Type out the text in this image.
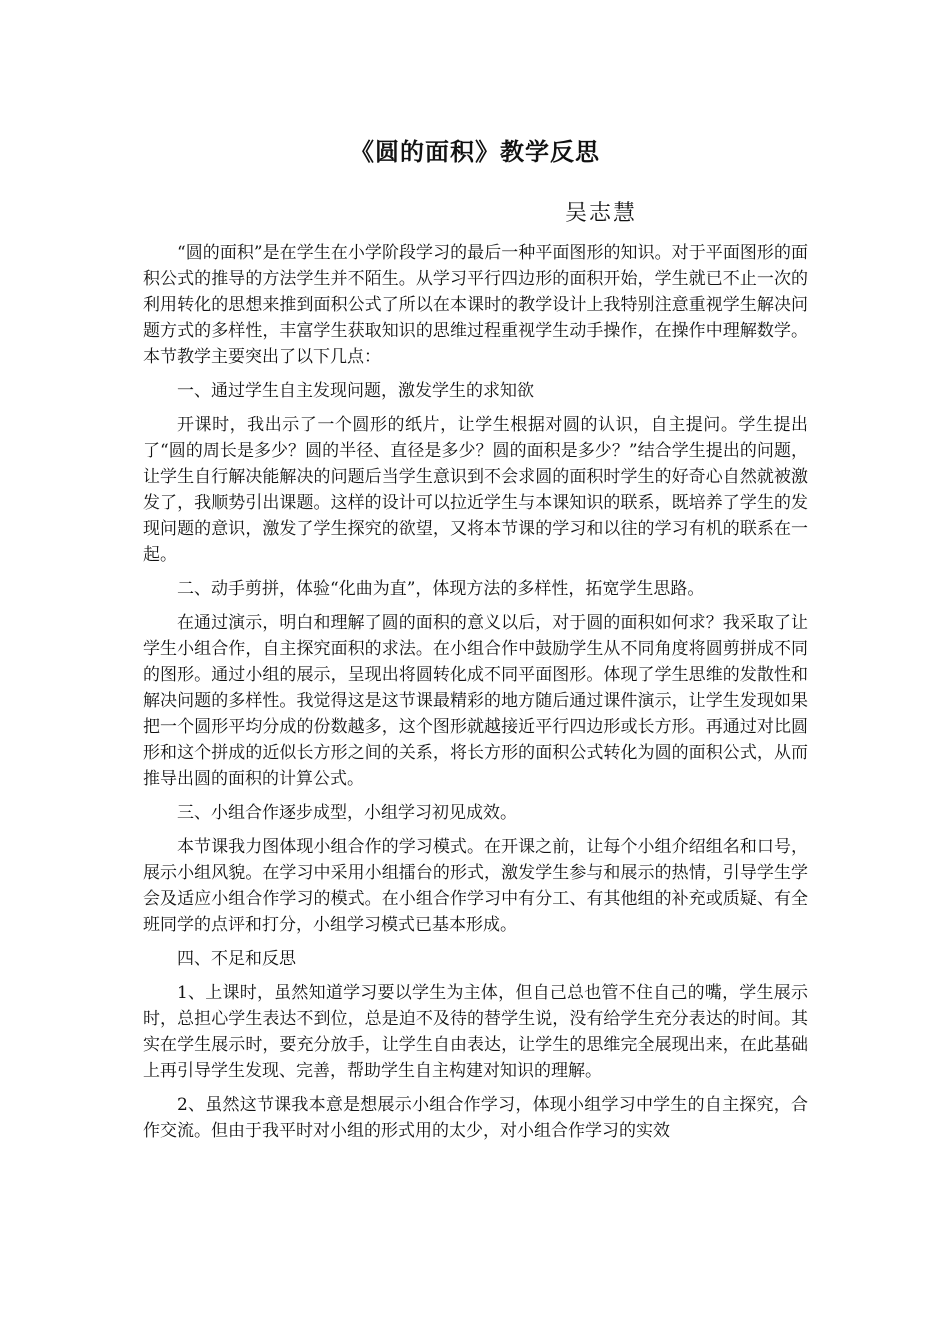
《圆的面积》教学反思
吴志慧

“圆的面积”是在学生在小学阶段学习的最后一种平面图形的知识。对于平面图形的面积公式的推导的方法学生并不陌生。从学习平行四边形的面积开始，学生就已不止一次的利用转化的思想来推到面积公式了所以在本课时的教学设计上我特别注意重视学生解决问题方式的多样性，丰富学生获取知识的思维过程重视学生动手操作，在操作中理解数学。本节教学主要突出了以下几点：

一、通过学生自主发现问题，激发学生的求知欲

开课时，我出示了一个圆形的纸片，让学生根据对圆的认识，自主提问。学生提出了“圆的周长是多少？圆的半径、直径是多少？圆的面积是多少？”结合学生提出的问题，让学生自行解决能解决的问题后当学生意识到不会求圆的面积时学生的好奇心自然就被激发了，我顺势引出课题。这样的设计可以拉近学生与本课知识的联系，既培养了学生的发现问题的意识，激发了学生探究的欲望，又将本节课的学习和以往的学习有机的联系在一起。

二、动手剪拼，体验“化曲为直”，体现方法的多样性，拓宽学生思路。

在通过演示，明白和理解了圆的面积的意义以后，对于圆的面积如何求？我采取了让学生小组合作，自主探究面积的求法。在小组合作中鼓励学生从不同角度将圆剪拼成不同的图形。通过小组的展示，呈现出将圆转化成不同平面图形。体现了学生思维的发散性和解决问题的多样性。我觉得这是这节课最精彩的地方随后通过课件演示，让学生发现如果把一个圆形平均分成的份数越多，这个图形就越接近平行四边形或长方形。再通过对比圆形和这个拼成的近似长方形之间的关系，将长方形的面积公式转化为圆的面积公式，从而推导出圆的面积的计算公式。

三、小组合作逐步成型，小组学习初见成效。

本节课我力图体现小组合作的学习模式。在开课之前，让每个小组介绍组名和口号，展示小组风貌。在学习中采用小组擂台的形式，激发学生参与和展示的热情，引导学生学会及适应小组合作学习的模式。在小组合作学习中有分工、有其他组的补充或质疑、有全班同学的点评和打分，小组学习模式已基本形成。

四、不足和反思

1、上课时，虽然知道学习要以学生为主体，但自己总也管不住自己的嘴，学生展示时，总担心学生表达不到位，总是迫不及待的替学生说，没有给学生充分表达的时间。其实在学生展示时，要充分放手，让学生自由表达，让学生的思维完全展现出来，在此基础上再引导学生发现、完善，帮助学生自主构建对知识的理解。

2、虽然这节课我本意是想展示小组合作学习，体现小组学习中学生的自主探究，合作交流。但由于我平时对小组的形式用的太少，对小组合作学习的实效
